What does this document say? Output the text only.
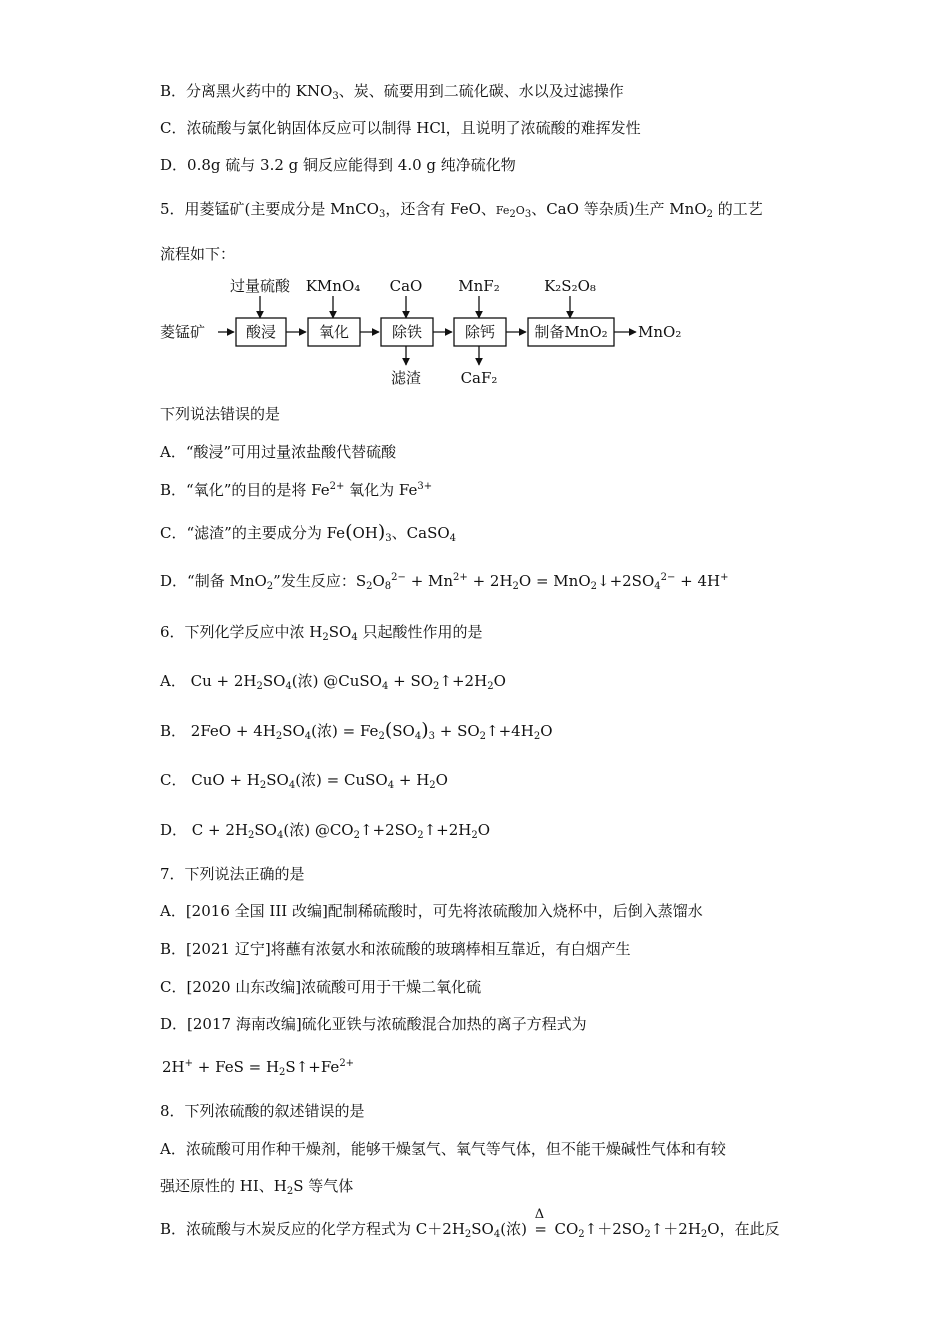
B．分离黑火药中的 $KNO_3$、炭、硫要用到二硫化碳、水以及过滤操作
C．浓硫酸与氯化钠固体反应可以制得 HCl，且说明了浓硫酸的难挥发性
D．0.8g 硫与 3.2 g 铜反应能得到 4.0 g 纯净硫化物
5．用菱锰矿(主要成分是 MnCO$_3$，还含有 FeO、$Fe_2O_3$、CaO 等杂质)生产 MnO$_2$ 的工艺
流程如下：
菱锰矿	MnO₂
酸浸	氧化	除铁	除钙	制备MnO₂
过量硫酸 KMnO₄ CaO MnF₂	K₂S₂O₈
滤渣	CaF₂
下列说法错误的是
A．“酸浸”可用过量浓盐酸代替硫酸
B．“氧化”的目的是将 $Fe^{2+}$ 氧化为 $Fe^{3+}$
C．“滤渣”的主要成分为 $Fe(OH)_3$、CaSO$_4$
D．“制备 MnO$_2$”发生反应：$S_2O_8^{2-} + Mn^{2+} + 2H_2O$ = $MnO_2↓+2SO_4^{2-} + 4H^+$
6．下列化学反应中浓 $H_2SO_4$ 只起酸性作用的是
A． $Cu + 2H_2SO_4$(浓) @CuSO$_4$ + $SO_2↑+2H_2O$
B． $2FeO + 4H_2SO_4$(浓) = $Fe_2(SO_4)_3$ + $SO_2↑+4H_2O$
C． CuO + $H_2SO_4$(浓) = CuSO$_4$ + $H_2O$
D． $C + 2H_2SO_4$(浓) $@CO_2↑+2SO_2↑+2H_2O$
7．下列说法正确的是
A．[2016 全国 III 改编]配制稀硫酸时，可先将浓硫酸加入烧杯中，后倒入蒸馏水
B．[2021 辽宁]将蘸有浓氨水和浓硫酸的玻璃棒相互靠近，有白烟产生
C．[2020 山东改编]浓硫酸可用于干燥二氧化硫
D．[2017 海南改编]硫化亚铁与浓硫酸混合加热的离子方程式为
2H+ + FeS = $H_2S↑+Fe^{2+}$
8．下列浓硫酸的叙述错误的是
A．浓硫酸可用作种干燥剂，能够干燥氢气、氧气等气体，但不能干燥碱性气体和有较
强还原性的 HI、$H_2S$ 等气体
B．浓硫酸与木炭反应的化学方程式为 $C+2H_2SO_4$(浓)
Δ
= $CO_2↑+2SO_2↑+2H_2O$，在此反
